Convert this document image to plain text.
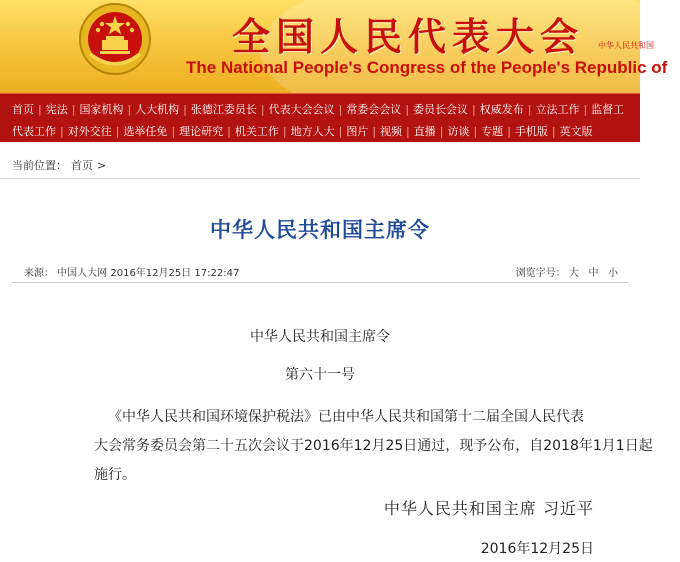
全国人民代表大会 中华人民共和国
The National People's Congress of the People's Republic of
首页 | 宪法 | 国家机构 | 人大机构 | 张德江委员长 | 代表大会会议 | 常委会会议 | 委员长会议 | 权威发布 | 立法工作 | 监督工
代表工作 | 对外交往 | 选举任免 | 理论研究 | 机关工作 | 地方人大 | 图片 | 视频 | 直播 | 访谈 | 专题 | 手机版 | 英文版
当前位置： 首页 >
中华人民共和国主席令
来源： 中国人大网 2016年12月25日 17:22:47	浏览字号： 大 中 小
中华人民共和国主席令
第六十一号
《中华人民共和国环境保护税法》已由中华人民共和国第十二届全国人民代表
大会常务委员会第二十五次会议于2016年12月25日通过，现予公布，自2018年1月1日起
施行。
中华人民共和国主席 习近平
2016年12月25日
